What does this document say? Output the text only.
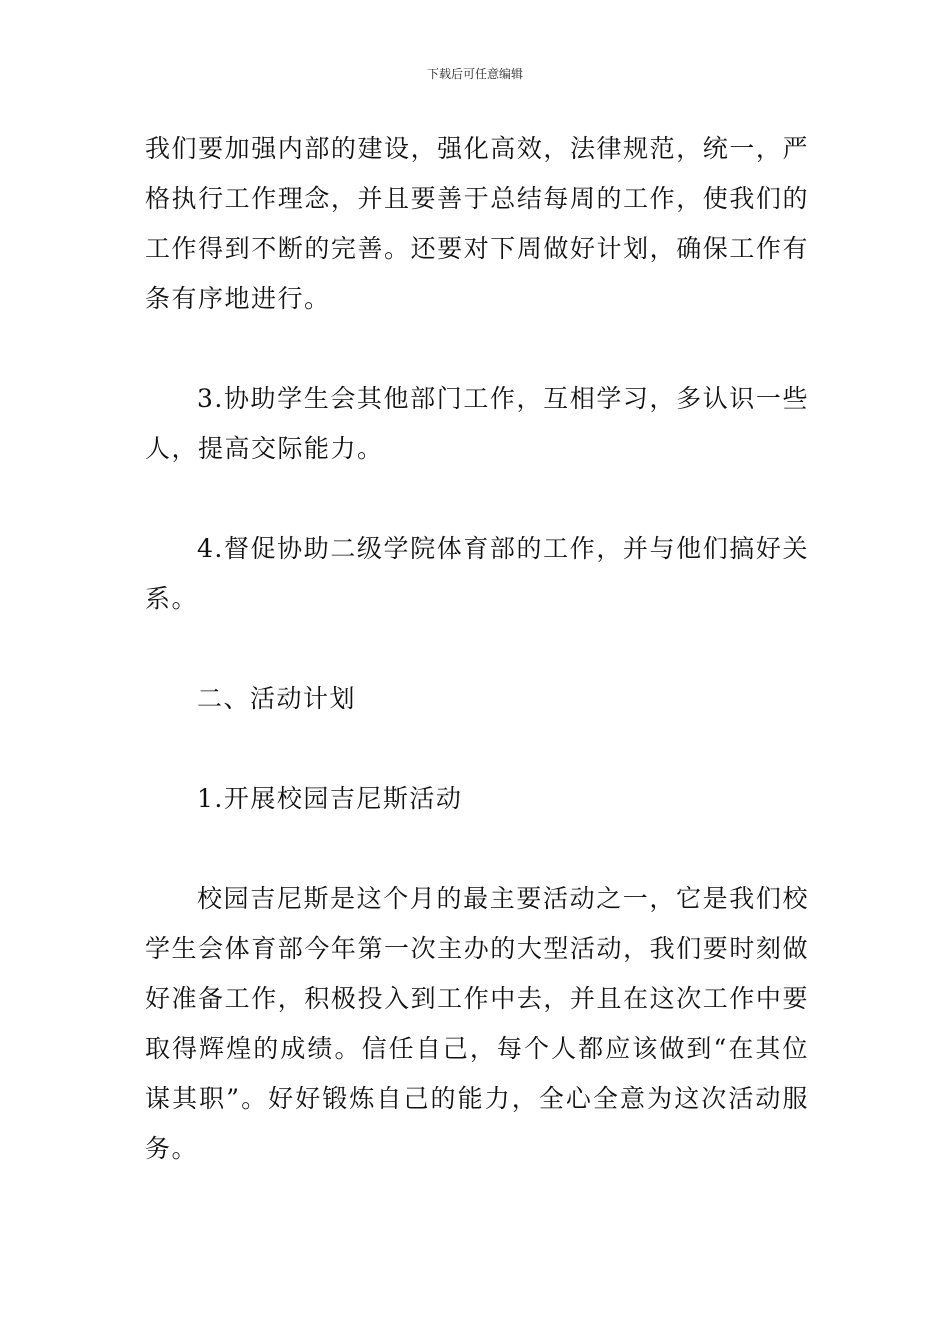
下载后可任意编辑

我们要加强内部的建设，强化高效，法律规范，统一，严格执行工作理念，并且要善于总结每周的工作，使我们的工作得到不断的完善。还要对下周做好计划，确保工作有条有序地进行。

3.协助学生会其他部门工作，互相学习，多认识一些人，提高交际能力。

4.督促协助二级学院体育部的工作，并与他们搞好关系。

二、活动计划

1.开展校园吉尼斯活动

校园吉尼斯是这个月的最主要活动之一，它是我们校学生会体育部今年第一次主办的大型活动，我们要时刻做好准备工作，积极投入到工作中去，并且在这次工作中要取得辉煌的成绩。信任自己，每个人都应该做到“在其位谋其职”。好好锻炼自己的能力，全心全意为这次活动服务。
